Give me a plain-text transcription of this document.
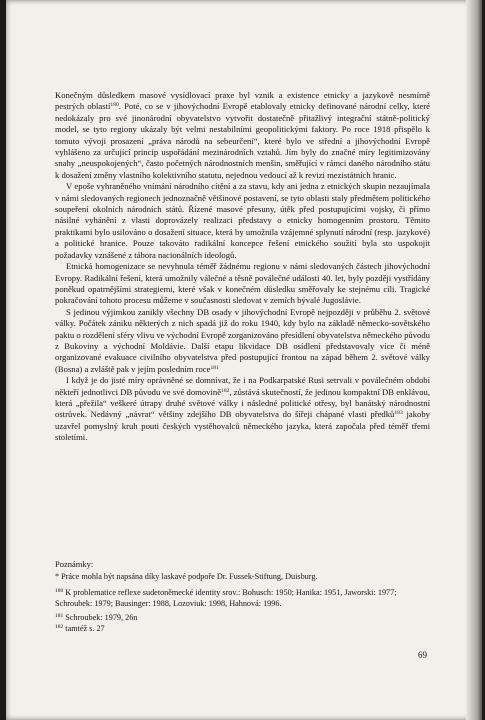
Konečným důsledkem masové vysídlovací praxe byl vznik a existence etnicky a jazykově nesmírně pestrých oblastí$^{180}$. Poté, co se v jihovýchodní Evropě etablovaly etnicky definované národní celky, které nedokázaly pro své jinonárodní obyvatelstvo vytvořit dostatečně přitažlivý integrační státně-politický model, se tyto regiony ukázaly být velmi nestabilními geopolitickými faktory. Po roce 1918 přispělo k tomuto vývoji prosazení „práva národů na sebeurčení“, které bylo ve střední a jihovýchodní Evropě vyhlášeno za určující princip uspořádání mezinárodních vztahů. Jím byly do značné míry legitimizovány snahy „neuspokojených“, často početných národnostních menšin, směřující v rámci daného národního státu k dosažení změny vlastního kolektivního statutu, nejednou vedoucí až k revizi mezistátních hranic.

V epoše vyhraněného vnímání národního cítění a za stavu, kdy ani jedna z etnických skupin nezaujímala v námi sledovaných regionech jednoznačně většinové postavení, se tyto oblasti staly předmětem politického soupeření okolních národních států. Řízené masové přesuny, útěk před postupujícími vojsky, či přímo násilné vyhánění z vlasti doprovázely realizaci představy o etnicky homogenním prostoru. Těmito praktikami bylo usilováno o dosažení situace, která by umožnila vzájemné splynutí národní (resp. jazykové) a politické hranice. Pouze takováto radikální koncepce řešení etnického soužití byla sto uspokojit požadavky vznášené z tábora nacionálních ideologů.

Etnická homogenizace se nevyhnula téměř žádnému regionu v námi sledovaných částech jihovýchodní Evropy. Radikální řešení, která umožnily válečné a těsně poválečné události 40. let, byly později vystřídány poněkud opatrnějšími strategiemi, které však v konečném důsledku směřovaly ke stejnému cíli. Tragické pokračování tohoto procesu můžeme v současnosti sledovat v zemích bývalé Jugoslávie.

S jedinou výjimkou zanikly všechny DB osady v jihovýchodní Evropě nejpozději v průběhu 2. světové války. Počátek zániku některých z nich spadá již do roku 1940, kdy bylo na základě německo-sovětského paktu o rozdělení sféry vlivu ve východní Evropě zorganizováno přesídlení obyvatelstva německého původu z Bukoviny a východní Moldávie. Další etapu likvidace DB osídlení představovaly více či méně organizované evakuace civilního obyvatelstva před postupující frontou na západ během 2. světové války (Bosna) a zvláště pak v jejím posledním roce$^{181}$

I když je do jisté míry oprávněné se domnívat, že i na Podkarpatské Rusi setrvali v poválečném období někteří jednotlivci DB původu ve své domovině$^{182}$, zůstává skutečností, že jedinou kompaktní DB enklávou, která „přežila“ veškeré útrapy druhé světové války i následné politické otřesy, byl banátský národnostní ostrůvek. Nedávný „návrat“ většiny zdejšího DB obyvatelstva do šířeji chápané vlasti předků$^{183}$ jakoby uzavřel pomyslný kruh pouti českých vystěhovalců německého jazyka, která započala před téměř třemi stoletími.

Poznámky:
* Práce mohla být napsána díky laskavé podpoře Dr. Fussek-Stiftung, Duisburg.
$^{180}$ K problematice reflexe sudetoněmecké identity srov.: Bohusch: 1950; Hanika: 1951, Jaworski: 1977; Schroubek: 1979; Bausinger: 1988, Lozoviuk: 1998, Hahnová: 1996.
$^{181}$ Schroubek: 1979, 26n
$^{182}$ tamtéž s. 27
69
